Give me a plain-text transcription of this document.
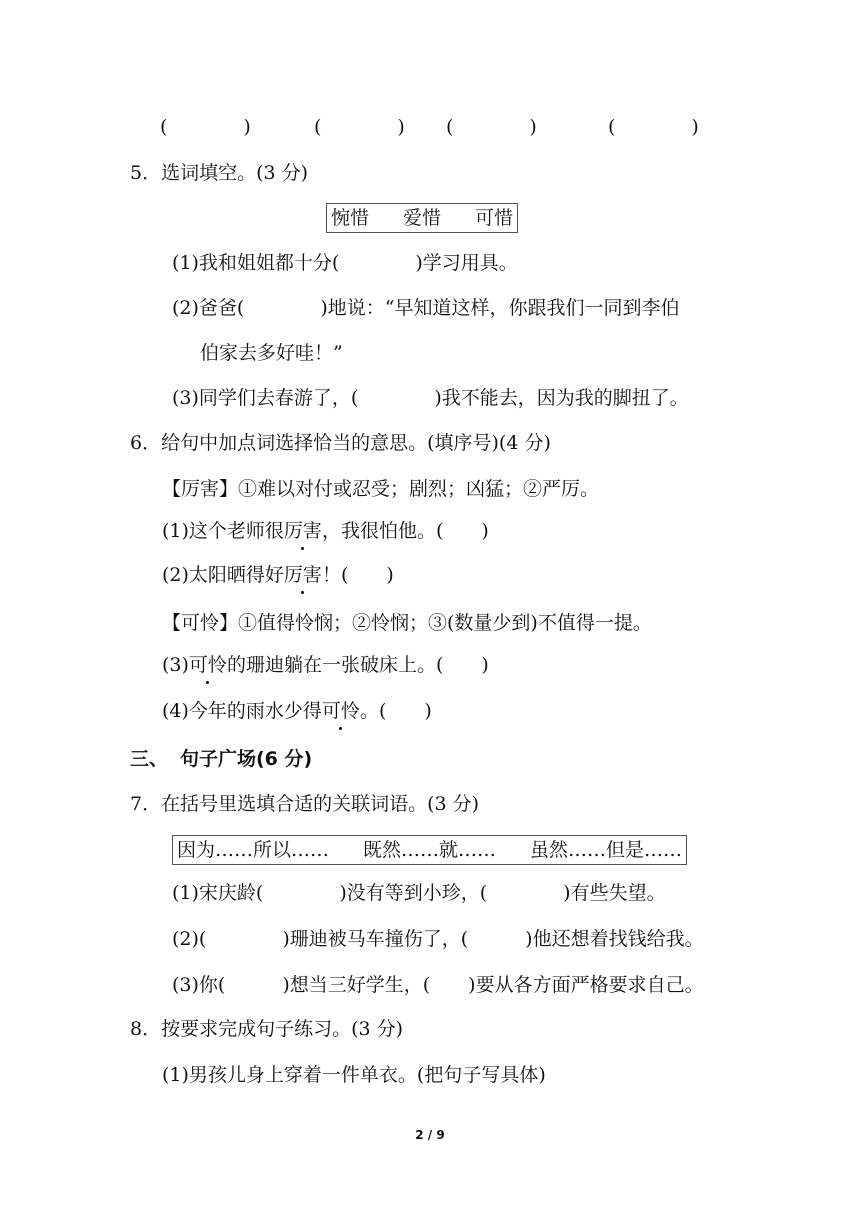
(　　　　)	(　　　　) (　　　　)	(　　　　)
5．选词填空。(3 分)
惋惜 爱惜 可惜
(1)我和姐姐都十分(　　　　)学习用具。
(2)爸爸(　　　　)地说：“早知道这样，你跟我们一同到李伯
伯家去多好哇！”
(3)同学们去春游了，(　　　　)我不能去，因为我的脚扭了。
6．给句中加点词选择恰当的意思。(填序号)(4 分)
【厉害】①难以对付或忍受；剧烈；凶猛；②严厉。
(1)这个老师很厉害，我很怕他。(　　)
(2)太阳晒得好厉害！(　　)
【可怜】①值得怜悯；②怜悯；③(数量少到)不值得一提。
(3)可怜的珊迪躺在一张破床上。(　　)
(4)今年的雨水少得可怜。(　　)
三、 句子广场(6 分)
7．在括号里选填合适的关联词语。(3 分)
因为……所以…… 既然……就…… 虽然……但是……
(1)宋庆龄(　　　　)没有等到小珍，(　　　　)有些失望。
(2)(　　　　)珊迪被马车撞伤了，(　　　)他还想着找钱给我。
(3)你(　　　)想当三好学生，(　　)要从各方面严格要求自己。
8．按要求完成句子练习。(3 分)
(1)男孩儿身上穿着一件单衣。(把句子写具体)
2 / 9
